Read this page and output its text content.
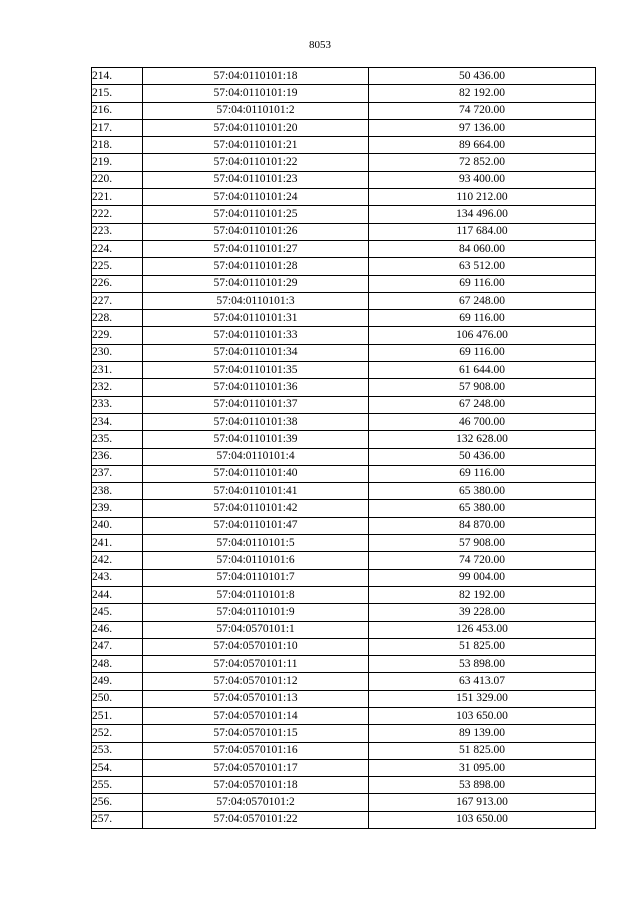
8053
214.	57:04:0110101:18	50 436.00
215.	57:04:0110101:19	82 192.00
216.	57:04:0110101:2	74 720.00
217.	57:04:0110101:20	97 136.00
218.	57:04:0110101:21	89 664.00
219.	57:04:0110101:22	72 852.00
220.	57:04:0110101:23	93 400.00
221.	57:04:0110101:24	110 212.00
222.	57:04:0110101:25	134 496.00
223.	57:04:0110101:26	117 684.00
224.	57:04:0110101:27	84 060.00
225.	57:04:0110101:28	63 512.00
226.	57:04:0110101:29	69 116.00
227.	57:04:0110101:3	67 248.00
228.	57:04:0110101:31	69 116.00
229.	57:04:0110101:33	106 476.00
230.	57:04:0110101:34	69 116.00
231.	57:04:0110101:35	61 644.00
232.	57:04:0110101:36	57 908.00
233.	57:04:0110101:37	67 248.00
234.	57:04:0110101:38	46 700.00
235.	57:04:0110101:39	132 628.00
236.	57:04:0110101:4	50 436.00
237.	57:04:0110101:40	69 116.00
238.	57:04:0110101:41	65 380.00
239.	57:04:0110101:42	65 380.00
240.	57:04:0110101:47	84 870.00
241.	57:04:0110101:5	57 908.00
242.	57:04:0110101:6	74 720.00
243.	57:04:0110101:7	99 004.00
244.	57:04:0110101:8	82 192.00
245.	57:04:0110101:9	39 228.00
246.	57:04:0570101:1	126 453.00
247.	57:04:0570101:10	51 825.00
248.	57:04:0570101:11	53 898.00
249.	57:04:0570101:12	63 413.07
250.	57:04:0570101:13	151 329.00
251.	57:04:0570101:14	103 650.00
252.	57:04:0570101:15	89 139.00
253.	57:04:0570101:16	51 825.00
254.	57:04:0570101:17	31 095.00
255.	57:04:0570101:18	53 898.00
256.	57:04:0570101:2	167 913.00
257.	57:04:0570101:22	103 650.00
